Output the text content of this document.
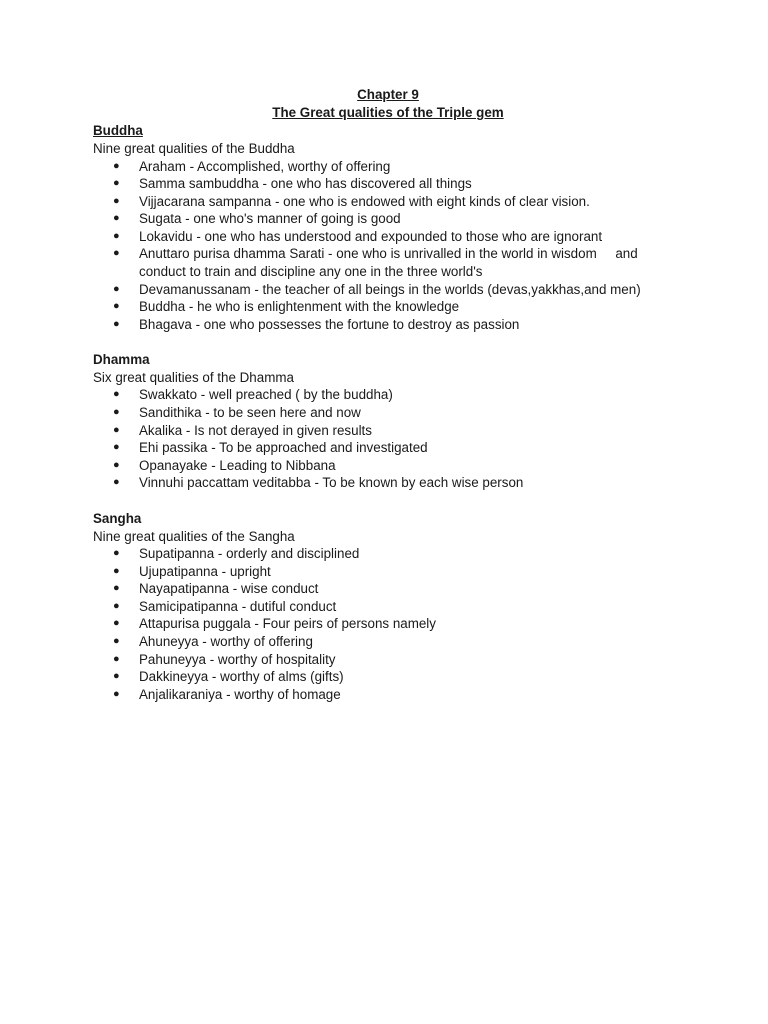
Chapter 9

The Great qualities of the Triple gem

Buddha

Nine great qualities of the Buddha

● Araham - Accomplished, worthy of offering
● Samma sambuddha - one who has discovered all things
● Vijjacarana sampanna - one who is endowed with eight kinds of clear vision.
● Sugata - one who's manner of going is good
● Lokavidu - one who has understood and expounded to those who are ignorant
● Anuttaro purisa dhamma Sarati - one who is unrivalled in the world in wisdom     and
conduct to train and discipline any one in the three world's
● Devamanussanam - the teacher of all beings in the worlds (devas,yakkhas,and men)
● Buddha - he who is enlightenment with the knowledge
● Bhagava - one who possesses the fortune to destroy as passion

Dhamma

Six great qualities of the Dhamma

● Swakkato - well preached ( by the buddha)
● Sandithika - to be seen here and now
● Akalika - Is not derayed in given results
● Ehi passika - To be approached and investigated
● Opanayake - Leading to Nibbana
● Vinnuhi paccattam veditabba - To be known by each wise person

Sangha

Nine great qualities of the Sangha

● Supatipanna - orderly and disciplined
● Ujupatipanna - upright
● Nayapatipanna - wise conduct
● Samicipatipanna - dutiful conduct
● Attapurisa puggala - Four peirs of persons namely
● Ahuneyya - worthy of offering
● Pahuneyya - worthy of hospitality
● Dakkineyya - worthy of alms (gifts)
● Anjalikaraniya - worthy of homage
